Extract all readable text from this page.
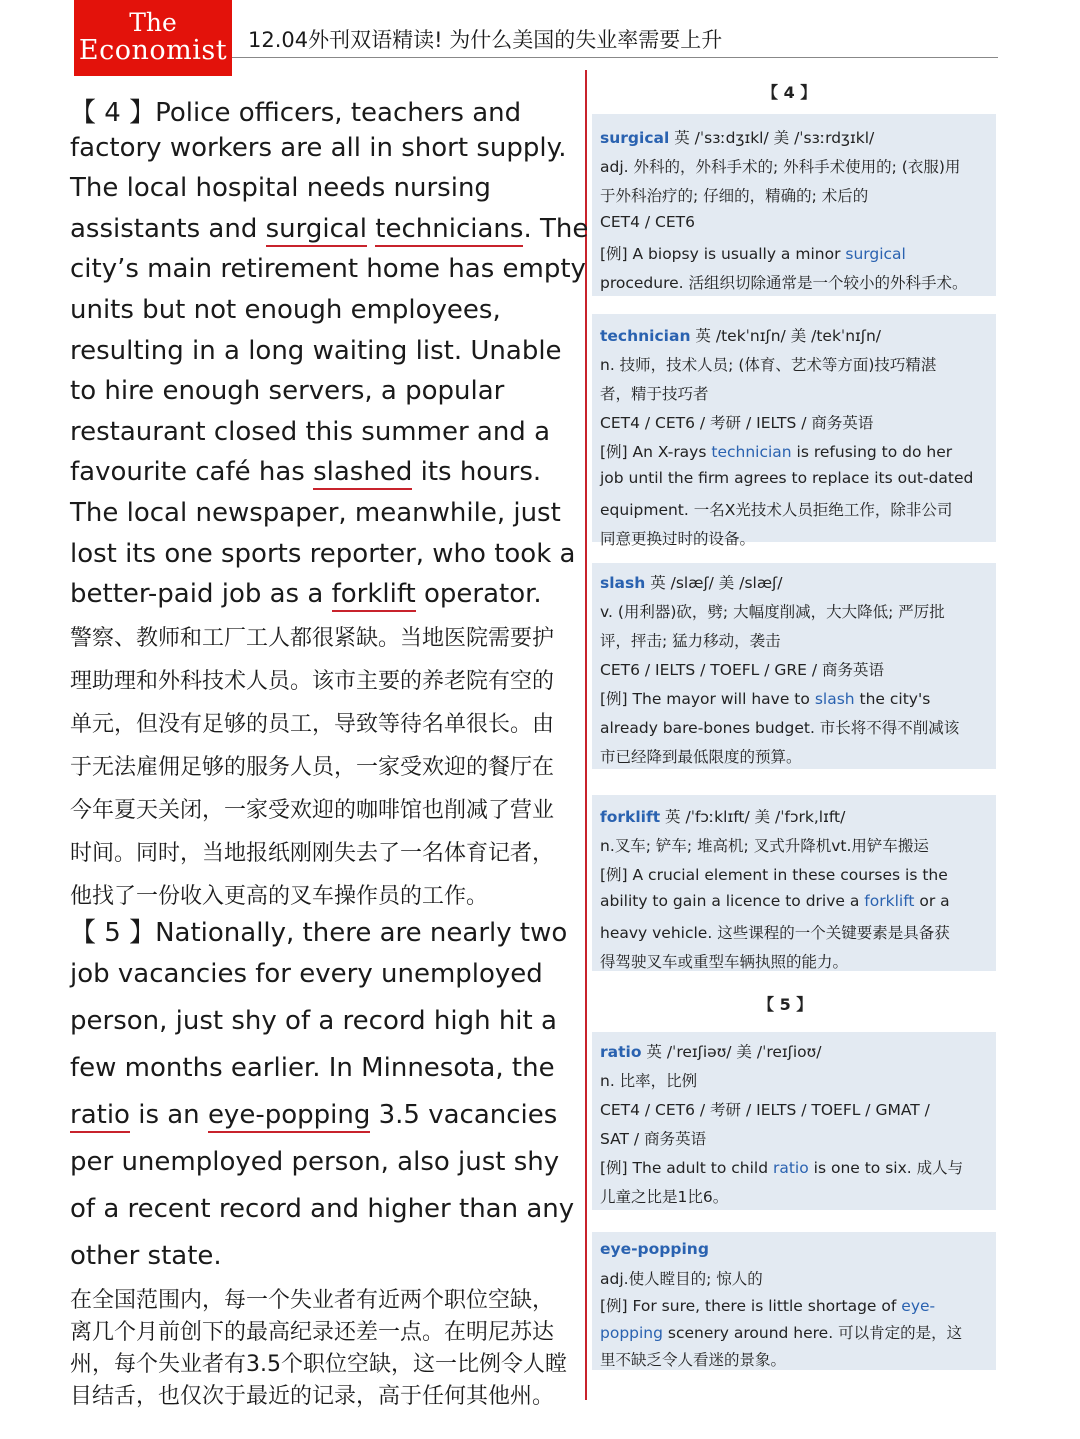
The
Economist 12.04外刊双语精读! 为什么美国的失业率需要上升
【 4 】Police officers, teachers and
factory workers are all in short supply.
The local hospital needs nursing
assistants and surgical technicians. The
city’s main retirement home has empty
units but not enough employees,
resulting in a long waiting list. Unable
to hire enough servers, a popular
restaurant closed this summer and a
favourite café has slashed its hours.
The local newspaper, meanwhile, just
lost its one sports reporter, who took a
better-paid job as a forklift operator.
警察、教师和工厂工人都很紧缺。当地医院需要护
理助理和外科技术人员。该市主要的养老院有空的
单元，但没有足够的员工，导致等待名单很长。由
于无法雇佣足够的服务人员，一家受欢迎的餐厅在
今年夏天关闭，一家受欢迎的咖啡馆也削减了营业
时间。同时，当地报纸刚刚失去了一名体育记者，
他找了一份收入更高的叉车操作员的工作。
【 5 】Nationally, there are nearly two
job vacancies for every unemployed
person, just shy of a record high hit a
few months earlier. In Minnesota, the
ratio is an eye-popping 3.5 vacancies
per unemployed person, also just shy
of a recent record and higher than any
other state.
在全国范围内，每一个失业者有近两个职位空缺，
离几个月前创下的最高纪录还差一点。在明尼苏达
州，每个失业者有3.5个职位空缺，这一比例令人瞠
目结舌，也仅次于最近的记录，高于任何其他州。
【 4 】
【 5 】
surgical 英 /ˈsɜːdʒɪkl/ 美 /ˈsɜːrdʒɪkl/
adj. 外科的，外科手术的; 外科手术使用的; (衣服)用
于外科治疗的; 仔细的，精确的; 术后的
CET4 / CET6
[例] A biopsy is usually a minor surgical
procedure. 活组织切除通常是一个较小的外科手术。
technician 英 /tekˈnɪʃn/ 美 /tekˈnɪʃn/
n. 技师，技术人员; (体育、艺术等方面)技巧精湛
者，精于技巧者
CET4 / CET6 / 考研 / IELTS / 商务英语
[例] An X-rays technician is refusing to do her
job until the firm agrees to replace its out-dated
equipment. 一名X光技术人员拒绝工作，除非公司
同意更换过时的设备。
slash 英 /slæʃ/ 美 /slæʃ/
v. (用利器)砍，劈; 大幅度削减，大大降低; 严厉批
评，抨击; 猛力移动，袭击
CET6 / IELTS / TOEFL / GRE / 商务英语
[例] The mayor will have to slash the city's
already bare-bones budget. 市长将不得不削减该
市已经降到最低限度的预算。
forklift 英 /ˈfɔːklɪft/ 美 /ˈfɔrk,lɪft/
n.叉车; 铲车; 堆高机; 叉式升降机vt.用铲车搬运
[例] A crucial element in these courses is the
ability to gain a licence to drive a forklift or a
heavy vehicle. 这些课程的一个关键要素是具备获
得驾驶叉车或重型车辆执照的能力。
ratio 英 /ˈreɪʃiəʊ/ 美 /ˈreɪʃioʊ/
n. 比率，比例
CET4 / CET6 / 考研 / IELTS / TOEFL / GMAT /
SAT / 商务英语
[例] The adult to child ratio is one to six. 成人与
儿童之比是1比6。
eye-popping
adj.使人瞠目的; 惊人的
[例] For sure, there is little shortage of eye-
popping scenery around here. 可以肯定的是，这
里不缺乏令人看迷的景象。
